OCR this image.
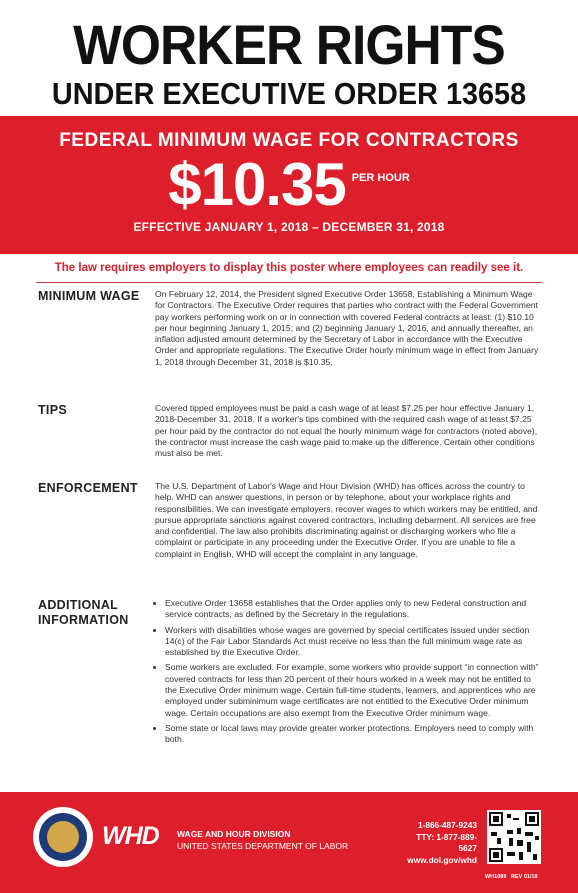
WORKER RIGHTS
UNDER EXECUTIVE ORDER 13658
FEDERAL MINIMUM WAGE FOR CONTRACTORS
$10.35 $^{PER HOUR}$
EFFECTIVE JANUARY 1, 2018 – DECEMBER 31, 2018
The law requires employers to display this poster where employees can readily see it.
MINIMUM WAGE	On February 12, 2014, the President signed Executive Order 13658, Establishing a Minimum Wage for Contractors. The Executive Order requires that parties who contract with the Federal Government pay workers performing work on or in connection with covered Federal contracts at least: (1) $10.10 per hour beginning January 1, 2015; and (2) beginning January 1, 2016, and annually thereafter, an inflation adjusted amount determined by the Secretary of Labor in accordance with the Executive Order and appropriate regulations. The Executive Order hourly minimum wage in effect from January 1, 2018 through December 31, 2018 is $10.35.
TIPS	Covered tipped employees must be paid a cash wage of at least $7.25 per hour effective January 1, 2018-December 31, 2018. If a worker's tips combined with the required cash wage of at least $7.25 per hour paid by the contractor do not equal the hourly minimum wage for contractors (noted above), the contractor must increase the cash wage paid to make up the difference. Certain other conditions must also be met.
ENFORCEMENT	The U.S. Department of Labor's Wage and Hour Division (WHD) has offices across the country to help. WHD can answer questions, in person or by telephone, about your workplace rights and responsibilities. We can investigate employers, recover wages to which workers may be entitled, and pursue appropriate sanctions against covered contractors, including debarment. All services are free and confidential. The law also prohibits discriminating against or discharging workers who file a complaint or participate in any proceeding under the Executive Order. If you are unable to file a complaint in English, WHD will accept the complaint in any language.
ADDITIONAL
INFORMATION
• Executive Order 13658 establishes that the Order applies only to new Federal construction and service contracts, as defined by the Secretary in the regulations.
• Workers with disabilities whose wages are governed by special certificates issued under section 14(c) of the Fair Labor Standards Act must receive no less than the full minimum wage rate as established by the Executive Order.
• Some workers are excluded. For example, some workers who provide support “in connection with” covered contracts for less than 20 percent of their hours worked in a week may not be entitled to the Executive Order minimum wage. Certain full-time students, learners, and apprentices who are employed under subminimum wage certificates are not entitled to the Executive Order minimum wage. Certain occupations are also exempt from the Executive Order minimum wage.
• Some state or local laws may provide greater worker protections. Employers need to comply with both.
WHD WAGE AND HOUR DIVISION
UNITED STATES DEPARTMENT OF LABOR
1-866-487-9243
TTY: 1-877-889-5627
www.dol.gov/whd
WH1089 REV 01/18
